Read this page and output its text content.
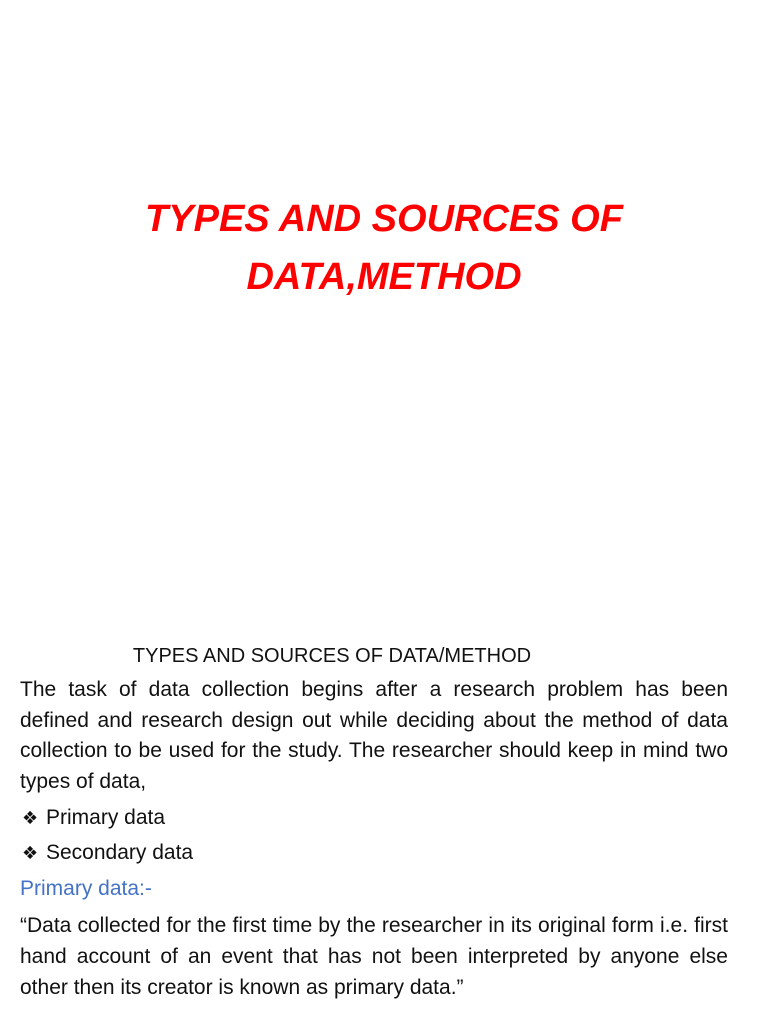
TYPES AND SOURCES OF
DATA,METHOD
TYPES AND SOURCES OF DATA/METHOD

The task of data collection begins after a research problem has been defined and research design out while deciding about the method of data collection to be used for the study. The researcher should keep in mind two types of data,

❖ Primary data
❖ Secondary data
Primary data:-

“Data collected for the first time by the researcher in its original form i.e. first hand account of an event that has not been interpreted by anyone else other then its creator is known as primary data.”
